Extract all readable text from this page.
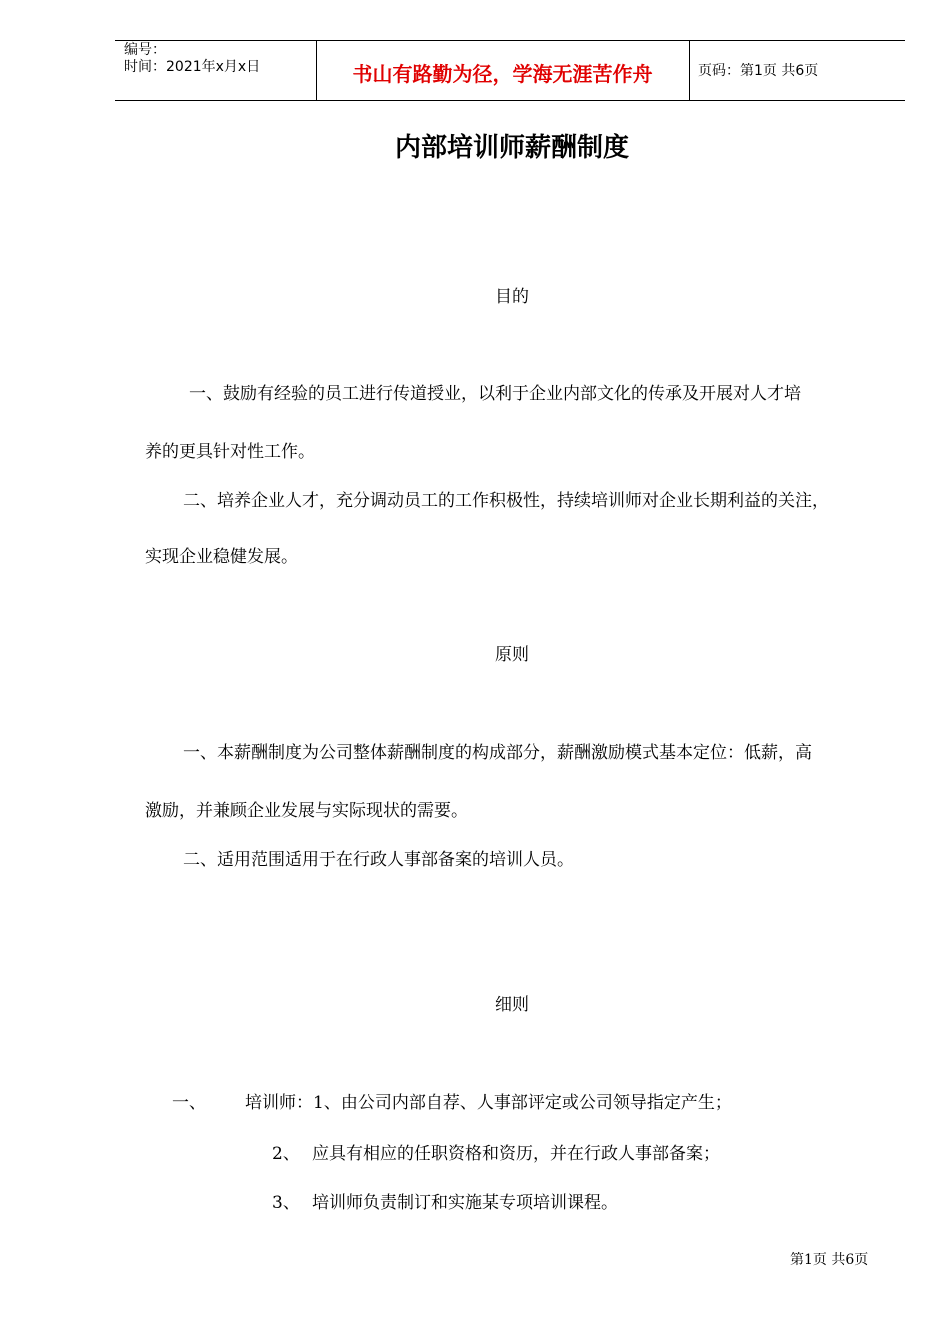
编号：
时间：2021年x月x日	书山有路勤为径，学海无涯苦作舟	页码：第1页 共6页
内部培训师薪酬制度
目的
一、鼓励有经验的员工进行传道授业，以利于企业内部文化的传承及开展对人才培
养的更具针对性工作。
二、培养企业人才，充分调动员工的工作积极性，持续培训师对企业长期利益的关注，
实现企业稳健发展。
原则
一、本薪酬制度为公司整体薪酬制度的构成部分，薪酬激励模式基本定位：低薪，高
激励，并兼顾企业发展与实际现状的需要。
二、适用范围适用于在行政人事部备案的培训人员。
细则
一、 培训师：1、由公司内部自荐、人事部评定或公司领导指定产生；
2、 应具有相应的任职资格和资历，并在行政人事部备案；
3、 培训师负责制订和实施某专项培训课程。
第1页 共6页
